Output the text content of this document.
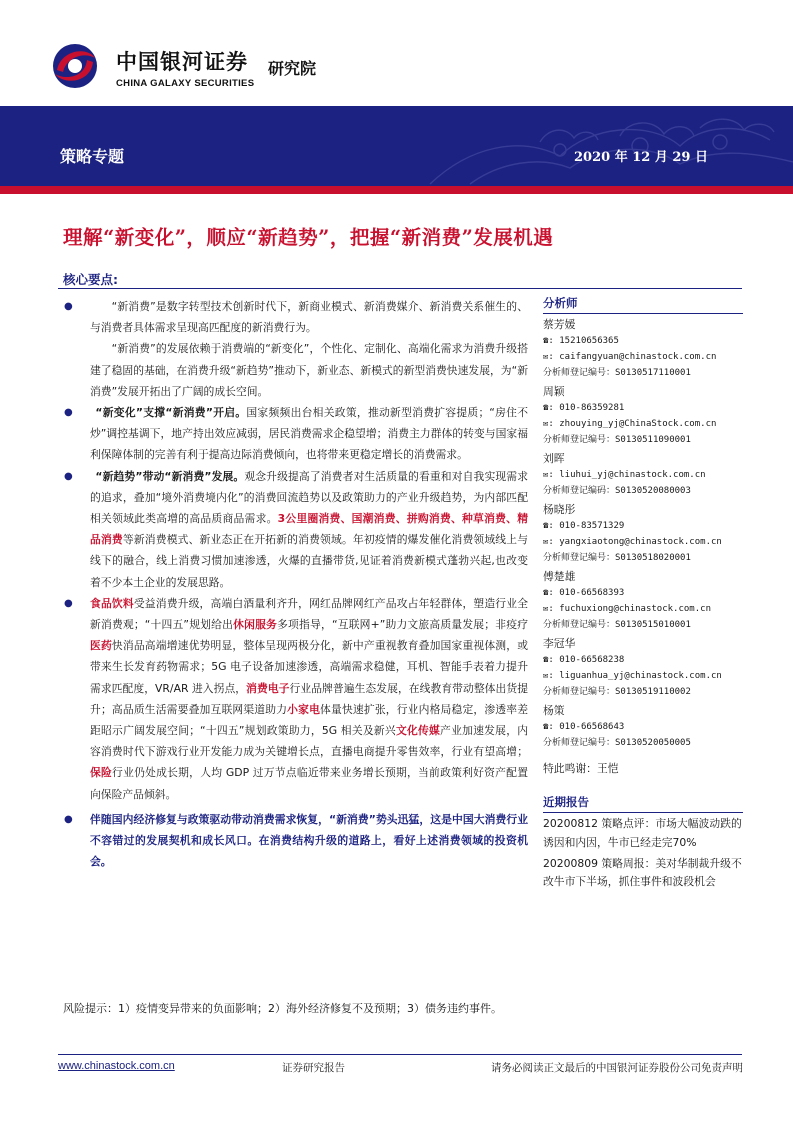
中国银河证券
CHINA GALAXY SECURITIES
研究院
策略专题	2020 年 12 月 29 日
理解“新变化”，顺应“新趋势”，把握“新消费”发展机遇
核心要点:
●	“新消费”是数字转型技术创新时代下，新商业模式、新消费媒介、新消费关系催生的、与消费者具体需求呈现高匹配度的新消费行为。
“新消费”的发展依赖于消费端的“新变化”，个性化、定制化、高端化需求为消费升级搭建了稳固的基础，在消费升级“新趋势”推动下，新业态、新模式的新型消费快速发展，为“新消费”发展开拓出了广阔的成长空间。
●	“新变化”支撑“新消费”开启。国家频频出台相关政策，推动新型消费扩容提质；“房住不炒”调控基调下，地产持出效应减弱，居民消费需求企稳望增；消费主力群体的转变与国家福利保障体制的完善有利于提高边际消费倾向，也将带来更稳定增长的消费需求。
●	“新趋势”带动“新消费”发展。观念升级提高了消费者对生活质量的看重和对自我实现需求的追求，叠加“境外消费境内化”的消费回流趋势以及政策助力的产业升级趋势，为内部匹配相关领域此类高增的高品质商品需求。3公里圈消费、国潮消费、拼购消费、种草消费、精品消费等新消费模式、新业态正在开拓新的消费领域。年初疫情的爆发催化消费领域线上与线下的融合，线上消费习惯加速渗透，火爆的直播带货,见证着消费新模式蓬勃兴起,也改变着不少本土企业的发展思路。
● 食品饮料受益消费升级，高端白酒量利齐升，网红品牌网红产品攻占年轻群体，塑造行业全新消费观；“十四五”规划给出休闲服务多项指导，“互联网+”助力文旅高质量发展；非疫疗医药快消品高端增速优势明显，整体呈现两极分化，新中产重视教育叠加国家重视体测，或带来生长发育药物需求；5G 电子设备加速渗透，高端需求稳健，耳机、智能手表着力提升需求匹配度，VR/AR 进入拐点，消费电子行业品牌普遍生态发展，在线教育带动整体出货提升；高品质生活需要叠加互联网渠道助力小家电体量快速扩张，行业内格局稳定，渗透率差距昭示广阔发展空间；“十四五”规划政策助力，5G 相关及新兴文化传媒产业加速发展，内容消费时代下游戏行业开发能力成为关键增长点，直播电商提升零售效率，行业有望高增；保险行业仍处成长期，人均 GDP 过万节点临近带来业务增长预期，当前政策利好资产配置向保险产品倾斜。
● 伴随国内经济修复与政策驱动带动消费需求恢复，“新消费”势头迅猛，这是中国大消费行业不容错过的发展契机和成长风口。在消费结构升级的道路上，看好上述消费领域的投资机会。
风险提示：1）疫情变异带来的负面影响；2）海外经济修复不及预期；3）债务违约事件。
分析师
蔡芳媛
☎: 15210656365
✉: caifangyuan@chinastock.com.cn
分析师登记编号：S0130517110001
周颖
☎: 010-86359281
✉: zhouying_yj@ChinaStock.com.cn
分析师登记编号：S0130511090001
刘晖
✉: liuhui_yj@chinastock.com.cn
分析师登记编码：S0130520080003
杨晓彤
☎: 010-83571329
✉: yangxiaotong@chinastock.com.cn
分析师登记编号：S0130518020001
傅楚雄
☎: 010-66568393
✉: fuchuxiong@chinastock.com.cn
分析师登记编号：S0130515010001
李冠华
☎: 010-66568238
✉: liguanhua_yj@chinastock.com.cn
分析师登记编号：S0130519110002
杨策
☎: 010-66568643
分析师登记编号：S0130520050005
特此鸣谢：王恺
近期报告
20200812 策略点评：市场大幅波动跌的诱因和内因，牛市已经走完70%
20200809 策略周报：美对华制裁升级不改牛市下半场，抓住事件和波段机会
www.chinastock.com.cn	证券研究报告	请务必阅读正文最后的中国银河证券股份公司免责声明
